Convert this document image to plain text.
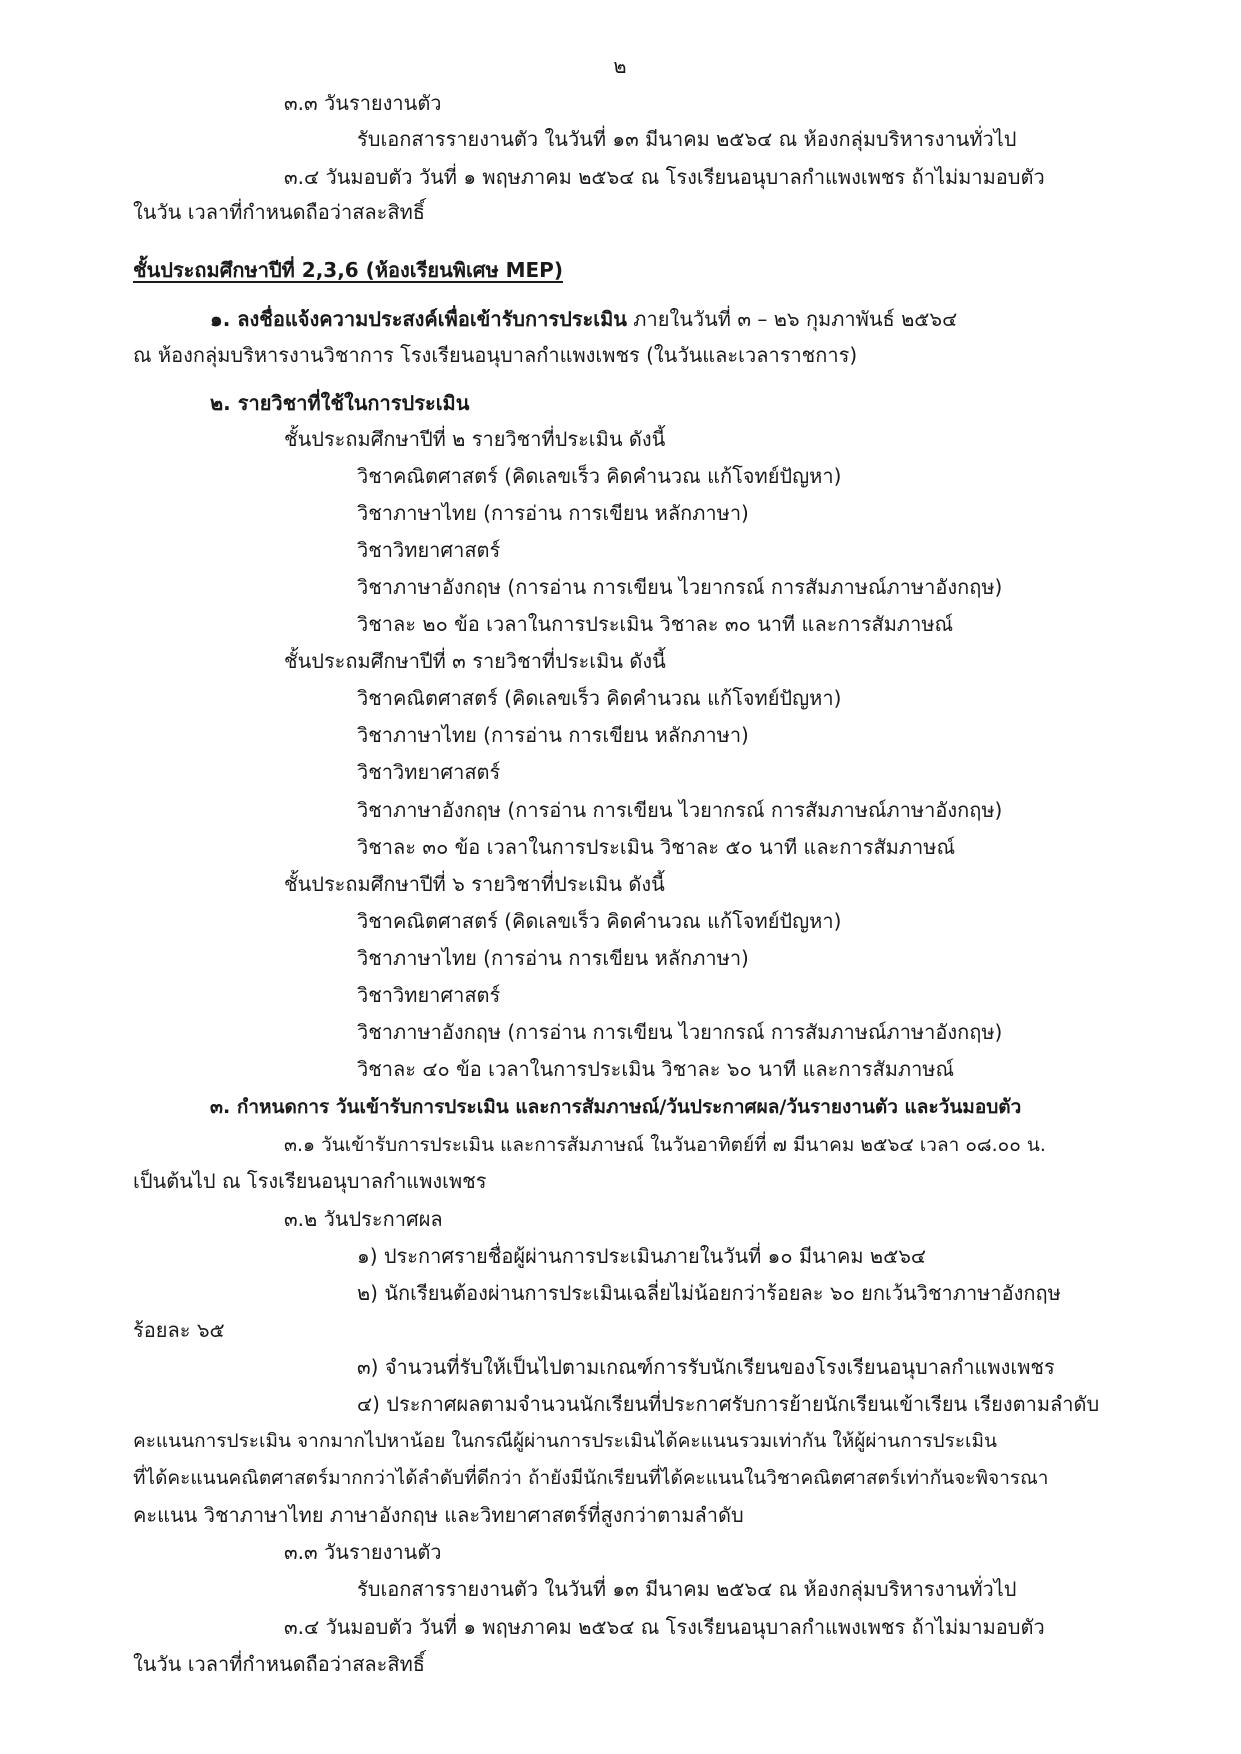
๒
๓.๓ วันรายงานตัว
รับเอกสารรายงานตัว ในวันที่ ๑๓ มีนาคม ๒๕๖๔ ณ ห้องกลุ่มบริหารงานทั่วไป
๓.๔ วันมอบตัว วันที่ ๑ พฤษภาคม ๒๕๖๔ ณ โรงเรียนอนุบาลกำแพงเพชร ถ้าไม่มามอบตัว
ในวัน เวลาที่กำหนดถือว่าสละสิทธิ์
ชั้นประถมศึกษาปีที่ 2,3,6 (ห้องเรียนพิเศษ MEP)
๑. ลงชื่อแจ้งความประสงค์เพื่อเข้ารับการประเมิน ภายในวันที่ ๓ – ๒๖ กุมภาพันธ์ ๒๕๖๔
ณ ห้องกลุ่มบริหารงานวิชาการ โรงเรียนอนุบาลกำแพงเพชร (ในวันและเวลาราชการ)
๒. รายวิชาที่ใช้ในการประเมิน
ชั้นประถมศึกษาปีที่ ๒ รายวิชาที่ประเมิน ดังนี้
วิชาคณิตศาสตร์ (คิดเลขเร็ว คิดคำนวณ แก้โจทย์ปัญหา)
วิชาภาษาไทย (การอ่าน การเขียน หลักภาษา)
วิชาวิทยาศาสตร์
วิชาภาษาอังกฤษ (การอ่าน การเขียน ไวยากรณ์ การสัมภาษณ์ภาษาอังกฤษ)
วิชาละ ๒๐ ข้อ เวลาในการประเมิน วิชาละ ๓๐ นาที และการสัมภาษณ์
ชั้นประถมศึกษาปีที่ ๓ รายวิชาที่ประเมิน ดังนี้
วิชาคณิตศาสตร์ (คิดเลขเร็ว คิดคำนวณ แก้โจทย์ปัญหา)
วิชาภาษาไทย (การอ่าน การเขียน หลักภาษา)
วิชาวิทยาศาสตร์
วิชาภาษาอังกฤษ (การอ่าน การเขียน ไวยากรณ์ การสัมภาษณ์ภาษาอังกฤษ)
วิชาละ ๓๐ ข้อ เวลาในการประเมิน วิชาละ ๕๐ นาที และการสัมภาษณ์
ชั้นประถมศึกษาปีที่ ๖ รายวิชาที่ประเมิน ดังนี้
วิชาคณิตศาสตร์ (คิดเลขเร็ว คิดคำนวณ แก้โจทย์ปัญหา)
วิชาภาษาไทย (การอ่าน การเขียน หลักภาษา)
วิชาวิทยาศาสตร์
วิชาภาษาอังกฤษ (การอ่าน การเขียน ไวยากรณ์ การสัมภาษณ์ภาษาอังกฤษ)
วิชาละ ๔๐ ข้อ เวลาในการประเมิน วิชาละ ๖๐ นาที และการสัมภาษณ์
๓. กำหนดการ วันเข้ารับการประเมิน และการสัมภาษณ์/วันประกาศผล/วันรายงานตัว และวันมอบตัว
๓.๑ วันเข้ารับการประเมิน และการสัมภาษณ์ ในวันอาทิตย์ที่ ๗ มีนาคม ๒๕๖๔ เวลา ๐๘.๐๐ น.
เป็นต้นไป ณ โรงเรียนอนุบาลกำแพงเพชร
๓.๒ วันประกาศผล
๑) ประกาศรายชื่อผู้ผ่านการประเมินภายในวันที่ ๑๐ มีนาคม ๒๕๖๔
๒) นักเรียนต้องผ่านการประเมินเฉลี่ยไม่น้อยกว่าร้อยละ ๖๐ ยกเว้นวิชาภาษาอังกฤษ
ร้อยละ ๖๕
๓) จำนวนที่รับให้เป็นไปตามเกณฑ์การรับนักเรียนของโรงเรียนอนุบาลกำแพงเพชร
๔) ประกาศผลตามจำนวนนักเรียนที่ประกาศรับการย้ายนักเรียนเข้าเรียน เรียงตามลำดับ
คะแนนการประเมิน จากมากไปหาน้อย ในกรณีผู้ผ่านการประเมินได้คะแนนรวมเท่ากัน ให้ผู้ผ่านการประเมิน
ที่ได้คะแนนคณิตศาสตร์มากกว่าได้ลำดับที่ดีกว่า ถ้ายังมีนักเรียนที่ได้คะแนนในวิชาคณิตศาสตร์เท่ากันจะพิจารณา
คะแนน วิชาภาษาไทย ภาษาอังกฤษ และวิทยาศาสตร์ที่สูงกว่าตามลำดับ
๓.๓ วันรายงานตัว
รับเอกสารรายงานตัว ในวันที่ ๑๓ มีนาคม ๒๕๖๔ ณ ห้องกลุ่มบริหารงานทั่วไป
๓.๔ วันมอบตัว วันที่ ๑ พฤษภาคม ๒๕๖๔ ณ โรงเรียนอนุบาลกำแพงเพชร ถ้าไม่มามอบตัว
ในวัน เวลาที่กำหนดถือว่าสละสิทธิ์
